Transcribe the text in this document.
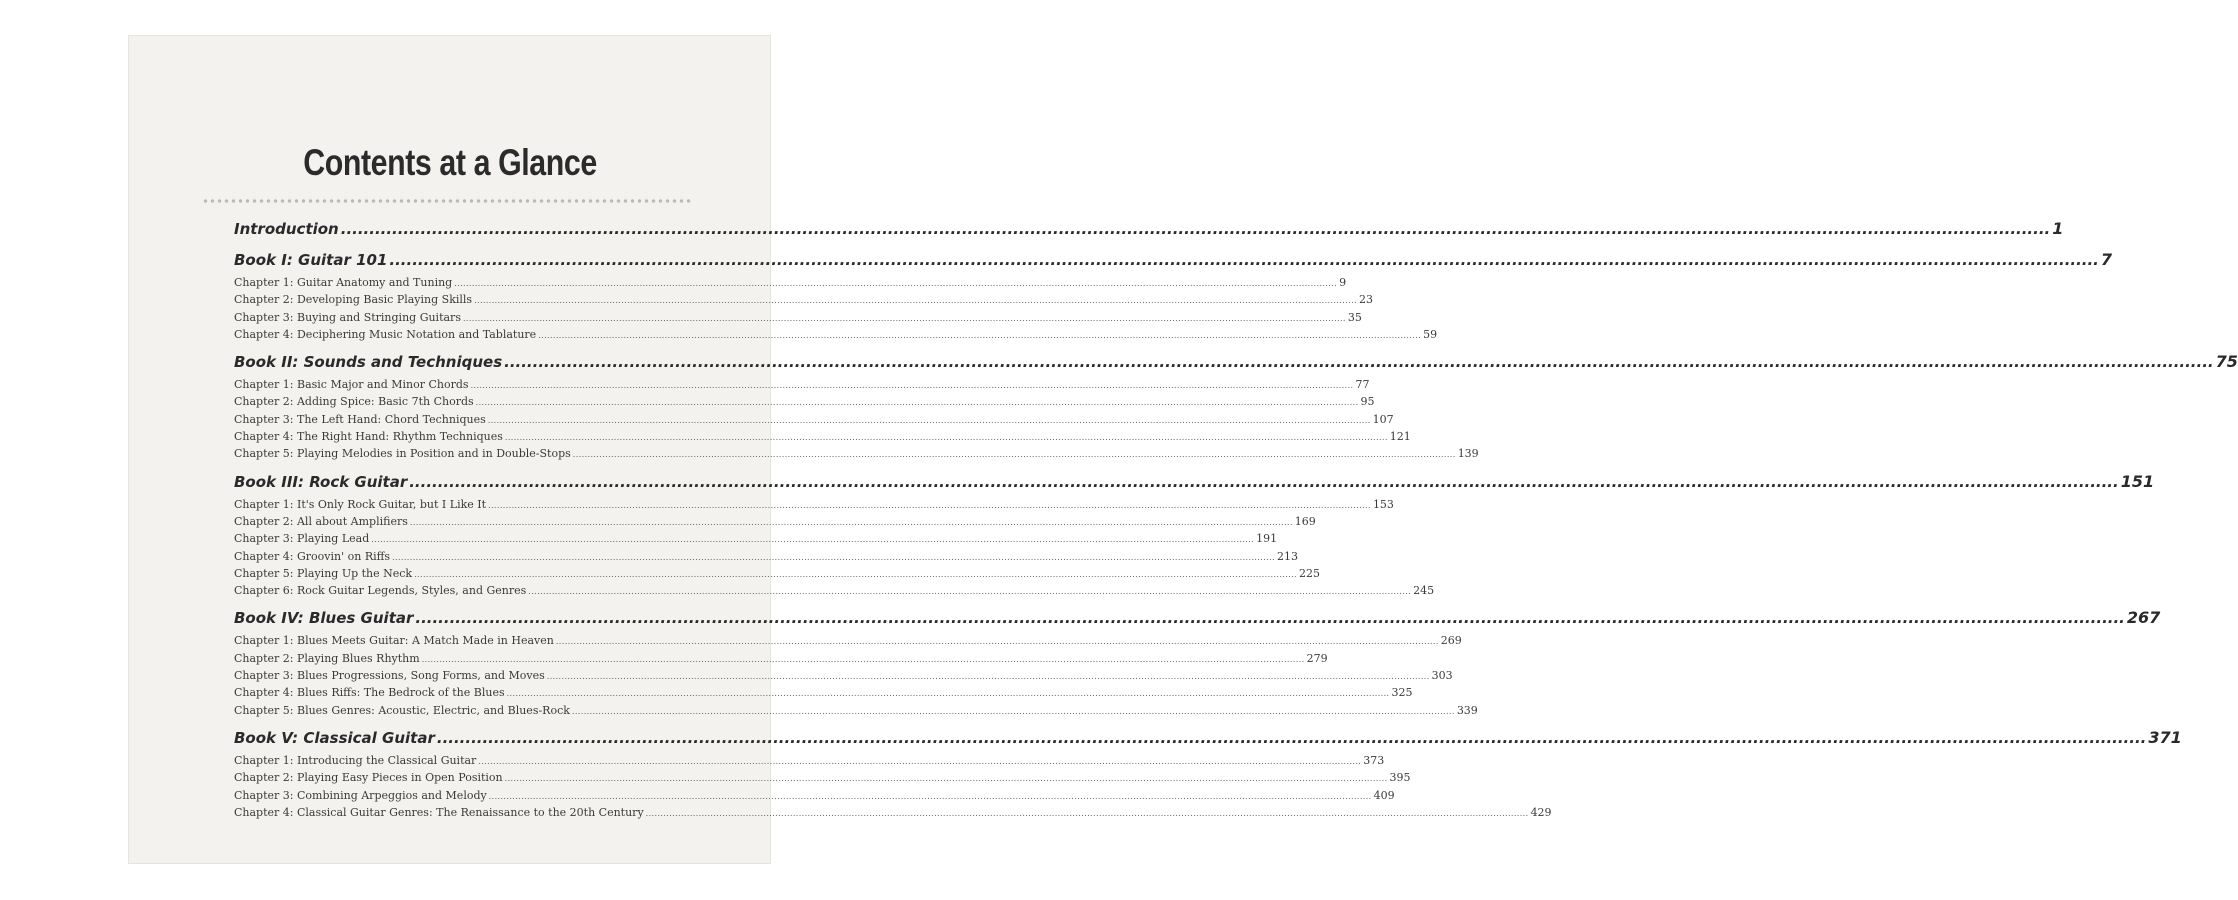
Contents at a Glance
Introduction ............................................................................................................................................................................................................................................................................................................ 1
Book I: Guitar 101 ............................................................................................................................................................................................................................................................................................................ 7
Chapter 1: Guitar Anatomy and Tuning ............................................................................................................................................................................................................................................................................................................ 9
Chapter 2: Developing Basic Playing Skills ............................................................................................................................................................................................................................................................................................................ 23
Chapter 3: Buying and Stringing Guitars ............................................................................................................................................................................................................................................................................................................ 35
Chapter 4: Deciphering Music Notation and Tablature ............................................................................................................................................................................................................................................................................................................ 59
Book II: Sounds and Techniques ............................................................................................................................................................................................................................................................................................................ 75
Chapter 1: Basic Major and Minor Chords ............................................................................................................................................................................................................................................................................................................ 77
Chapter 2: Adding Spice: Basic 7th Chords ............................................................................................................................................................................................................................................................................................................ 95
Chapter 3: The Left Hand: Chord Techniques ............................................................................................................................................................................................................................................................................................................ 107
Chapter 4: The Right Hand: Rhythm Techniques ............................................................................................................................................................................................................................................................................................................ 121
Chapter 5: Playing Melodies in Position and in Double-Stops ............................................................................................................................................................................................................................................................................................................ 139
Book III: Rock Guitar ............................................................................................................................................................................................................................................................................................................ 151
Chapter 1: It's Only Rock Guitar, but I Like It ............................................................................................................................................................................................................................................................................................................ 153
Chapter 2: All about Amplifiers ............................................................................................................................................................................................................................................................................................................ 169
Chapter 3: Playing Lead ............................................................................................................................................................................................................................................................................................................ 191
Chapter 4: Groovin' on Riffs ............................................................................................................................................................................................................................................................................................................ 213
Chapter 5: Playing Up the Neck ............................................................................................................................................................................................................................................................................................................ 225
Chapter 6: Rock Guitar Legends, Styles, and Genres ............................................................................................................................................................................................................................................................................................................ 245
Book IV: Blues Guitar ............................................................................................................................................................................................................................................................................................................ 267
Chapter 1: Blues Meets Guitar: A Match Made in Heaven ............................................................................................................................................................................................................................................................................................................ 269
Chapter 2: Playing Blues Rhythm ............................................................................................................................................................................................................................................................................................................ 279
Chapter 3: Blues Progressions, Song Forms, and Moves ............................................................................................................................................................................................................................................................................................................ 303
Chapter 4: Blues Riffs: The Bedrock of the Blues ............................................................................................................................................................................................................................................................................................................ 325
Chapter 5: Blues Genres: Acoustic, Electric, and Blues-Rock ............................................................................................................................................................................................................................................................................................................ 339
Book V: Classical Guitar ............................................................................................................................................................................................................................................................................................................ 371
Chapter 1: Introducing the Classical Guitar ............................................................................................................................................................................................................................................................................................................ 373
Chapter 2: Playing Easy Pieces in Open Position ............................................................................................................................................................................................................................................................................................................ 395
Chapter 3: Combining Arpeggios and Melody ............................................................................................................................................................................................................................................................................................................ 409
Chapter 4: Classical Guitar Genres: The Renaissance to the 20th Century ............................................................................................................................................................................................................................................................................................................ 429
